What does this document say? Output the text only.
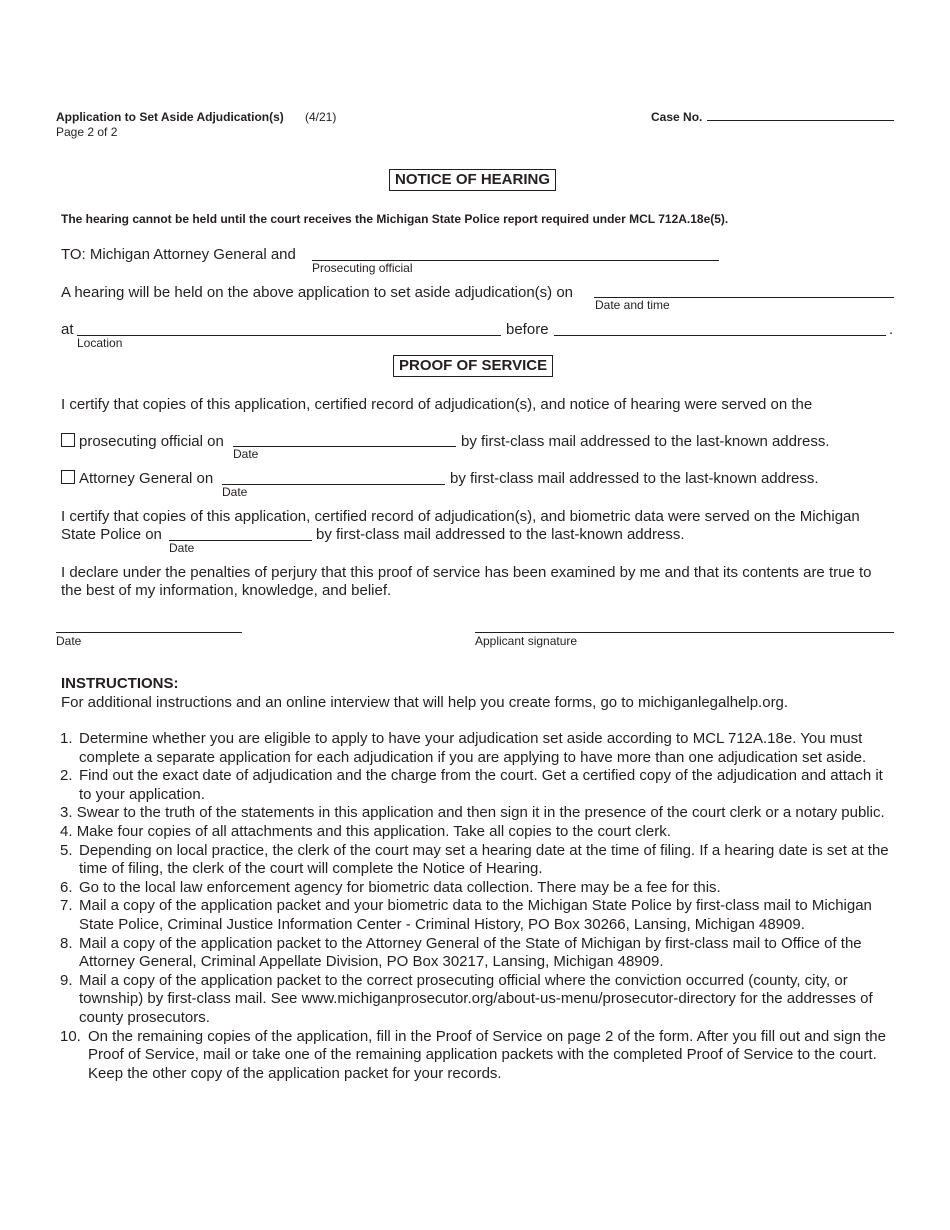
Application to Set Aside Adjudication(s) (4/21)
Page 2 of 2
Case No.
NOTICE OF HEARING
The hearing cannot be held until the court receives the Michigan State Police report required under MCL 712A.18e(5).
TO: Michigan Attorney General and
Prosecuting official
A hearing will be held on the above application to set aside adjudication(s) on
Date and time
at
Location
before	.
PROOF OF SERVICE
I certify that copies of this application, certified record of adjudication(s), and notice of hearing were served on the
prosecuting official on
Date
by first-class mail addressed to the last-known address.
Attorney General on
Date
by first-class mail addressed to the last-known address.
I certify that copies of this application, certified record of adjudication(s), and biometric data were served on the Michigan
State Police on
Date
by first-class mail addressed to the last-known address.
I declare under the penalties of perjury that this proof of service has been examined by me and that its contents are true to
the best of my information, knowledge, and belief.
Date	Applicant signature
INSTRUCTIONS:
For additional instructions and an online interview that will help you create forms, go to michiganlegalhelp.org.
1. Determine whether you are eligible to apply to have your adjudication set aside according to MCL 712A.18e. You must complete a separate application for each adjudication if you are applying to have more than one adjudication set aside.
2. Find out the exact date of adjudication and the charge from the court. Get a certified copy of the adjudication and attach it to your application.
3. Swear to the truth of the statements in this application and then sign it in the presence of the court clerk or a notary public.
4. Make four copies of all attachments and this application. Take all copies to the court clerk.
5. Depending on local practice, the clerk of the court may set a hearing date at the time of filing. If a hearing date is set at the time of filing, the clerk of the court will complete the Notice of Hearing.
6. Go to the local law enforcement agency for biometric data collection. There may be a fee for this.
7. Mail a copy of the application packet and your biometric data to the Michigan State Police by first-class mail to Michigan State Police, Criminal Justice Information Center - Criminal History, PO Box 30266, Lansing, Michigan 48909.
8. Mail a copy of the application packet to the Attorney General of the State of Michigan by first-class mail to Office of the Attorney General, Criminal Appellate Division, PO Box 30217, Lansing, Michigan 48909.
9. Mail a copy of the application packet to the correct prosecuting official where the conviction occurred (county, city, or township) by first-class mail. See www.michiganprosecutor.org/about-us-menu/prosecutor-directory for the addresses of county prosecutors.
10. On the remaining copies of the application, fill in the Proof of Service on page 2 of the form. After you fill out and sign the Proof of Service, mail or take one of the remaining application packets with the completed Proof of Service to the court. Keep the other copy of the application packet for your records.
